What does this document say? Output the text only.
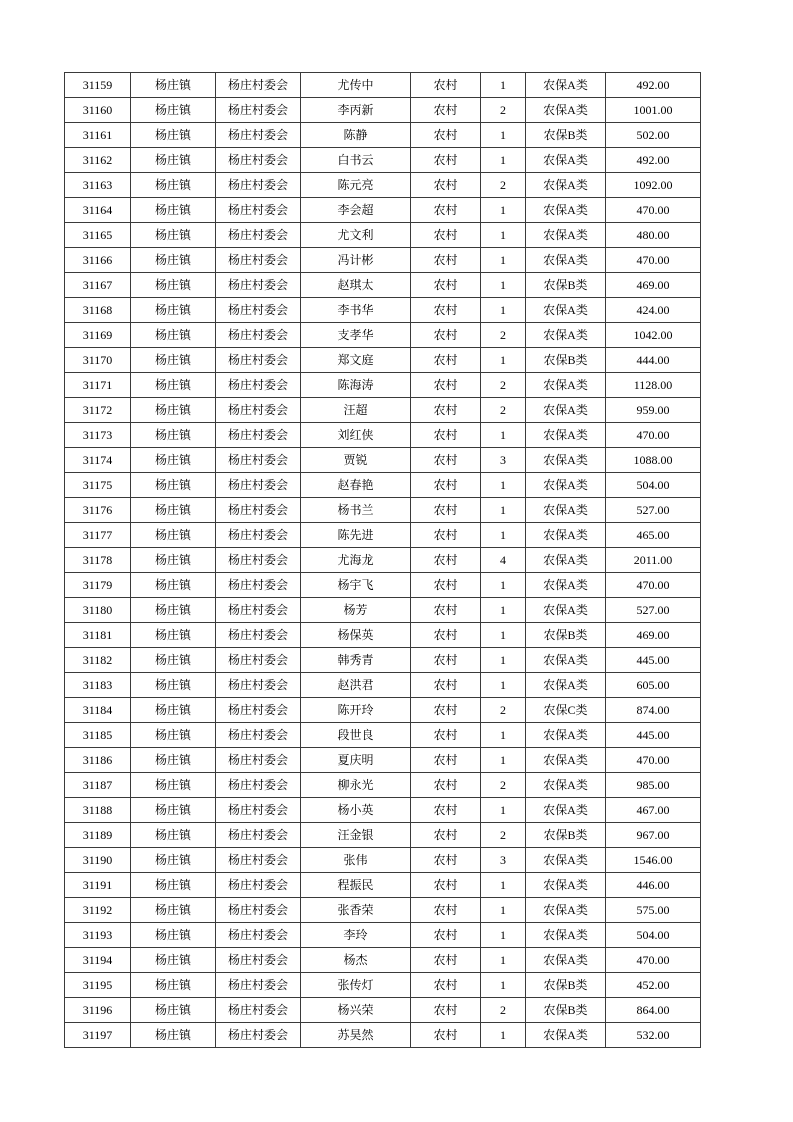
31159	杨庄镇	杨庄村委会	尤传中	农村	1	农保A类	492.00
31160	杨庄镇	杨庄村委会	李丙新	农村	2	农保A类	1001.00
31161	杨庄镇	杨庄村委会	陈静	农村	1	农保B类	502.00
31162	杨庄镇	杨庄村委会	白书云	农村	1	农保A类	492.00
31163	杨庄镇	杨庄村委会	陈元亮	农村	2	农保A类	1092.00
31164	杨庄镇	杨庄村委会	李会超	农村	1	农保A类	470.00
31165	杨庄镇	杨庄村委会	尤文利	农村	1	农保A类	480.00
31166	杨庄镇	杨庄村委会	冯计彬	农村	1	农保A类	470.00
31167	杨庄镇	杨庄村委会	赵琪太	农村	1	农保B类	469.00
31168	杨庄镇	杨庄村委会	李书华	农村	1	农保A类	424.00
31169	杨庄镇	杨庄村委会	支孝华	农村	2	农保A类	1042.00
31170	杨庄镇	杨庄村委会	郑文庭	农村	1	农保B类	444.00
31171	杨庄镇	杨庄村委会	陈海涛	农村	2	农保A类	1128.00
31172	杨庄镇	杨庄村委会	汪超	农村	2	农保A类	959.00
31173	杨庄镇	杨庄村委会	刘红侠	农村	1	农保A类	470.00
31174	杨庄镇	杨庄村委会	贾锐	农村	3	农保A类	1088.00
31175	杨庄镇	杨庄村委会	赵春艳	农村	1	农保A类	504.00
31176	杨庄镇	杨庄村委会	杨书兰	农村	1	农保A类	527.00
31177	杨庄镇	杨庄村委会	陈先进	农村	1	农保A类	465.00
31178	杨庄镇	杨庄村委会	尤海龙	农村	4	农保A类	2011.00
31179	杨庄镇	杨庄村委会	杨宇飞	农村	1	农保A类	470.00
31180	杨庄镇	杨庄村委会	杨芳	农村	1	农保A类	527.00
31181	杨庄镇	杨庄村委会	杨保英	农村	1	农保B类	469.00
31182	杨庄镇	杨庄村委会	韩秀青	农村	1	农保A类	445.00
31183	杨庄镇	杨庄村委会	赵洪君	农村	1	农保A类	605.00
31184	杨庄镇	杨庄村委会	陈开玲	农村	2	农保C类	874.00
31185	杨庄镇	杨庄村委会	段世良	农村	1	农保A类	445.00
31186	杨庄镇	杨庄村委会	夏庆明	农村	1	农保A类	470.00
31187	杨庄镇	杨庄村委会	柳永光	农村	2	农保A类	985.00
31188	杨庄镇	杨庄村委会	杨小英	农村	1	农保A类	467.00
31189	杨庄镇	杨庄村委会	汪金银	农村	2	农保B类	967.00
31190	杨庄镇	杨庄村委会	张伟	农村	3	农保A类	1546.00
31191	杨庄镇	杨庄村委会	程振民	农村	1	农保A类	446.00
31192	杨庄镇	杨庄村委会	张香荣	农村	1	农保A类	575.00
31193	杨庄镇	杨庄村委会	李玲	农村	1	农保A类	504.00
31194	杨庄镇	杨庄村委会	杨杰	农村	1	农保A类	470.00
31195	杨庄镇	杨庄村委会	张传灯	农村	1	农保B类	452.00
31196	杨庄镇	杨庄村委会	杨兴荣	农村	2	农保B类	864.00
31197	杨庄镇	杨庄村委会	苏昊然	农村	1	农保A类	532.00
